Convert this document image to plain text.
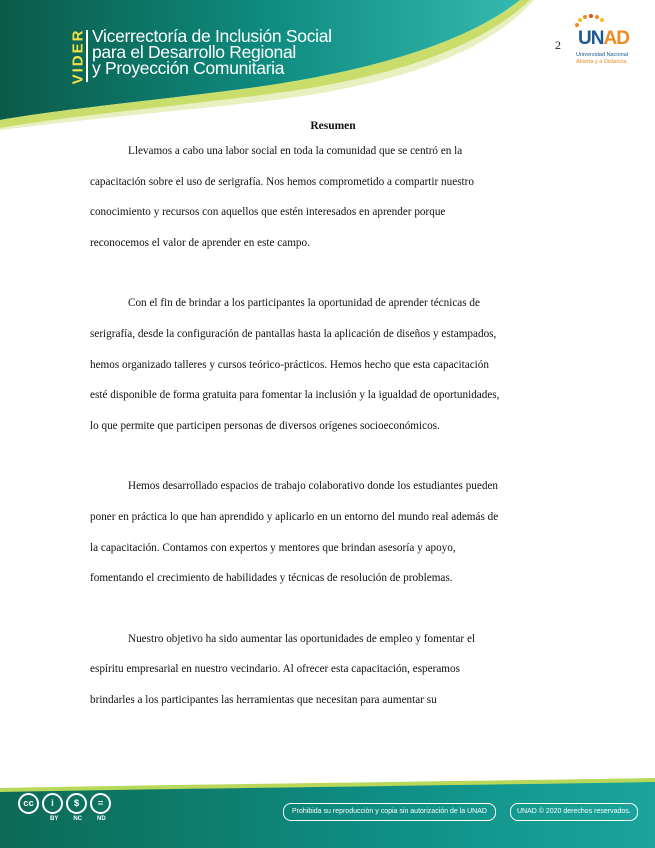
VIDER Vicerrectoría de Inclusión Social
para el Desarrollo Regional
y Proyección Comunitaria
2 UNAD
Universidad Nacional
Abierta y a Distancia
Resumen
Llevamos a cabo una labor social en toda la comunidad que se centró en la
capacitación sobre el uso de serigrafía. Nos hemos comprometido a compartir nuestro
conocimiento y recursos con aquellos que estén interesados en aprender porque
reconocemos el valor de aprender en este campo.
Con el fin de brindar a los participantes la oportunidad de aprender técnicas de
serigrafía, desde la configuración de pantallas hasta la aplicación de diseños y estampados,
hemos organizado talleres y cursos teórico-prácticos. Hemos hecho que esta capacitación
esté disponible de forma gratuita para fomentar la inclusión y la igualdad de oportunidades,
lo que permite que participen personas de diversos orígenes socioeconómicos.
Hemos desarrollado espacios de trabajo colaborativo donde los estudiantes pueden
poner en práctica lo que han aprendido y aplicarlo en un entorno del mundo real además de
la capacitación. Contamos con expertos y mentores que brindan asesoría y apoyo,
fomentando el crecimiento de habilidades y técnicas de resolución de problemas.
Nuestro objetivo ha sido aumentar las oportunidades de empleo y fomentar el
espíritu empresarial en nuestro vecindario. Al ofrecer esta capacitación, esperamos
brindarles a los participantes las herramientas que necesitan para aumentar su
cc	i	$	=
BY	NC	ND
Prohibida su reproducción y copia sin autorización de la UNAD	UNAD © 2020 derechos reservados.
